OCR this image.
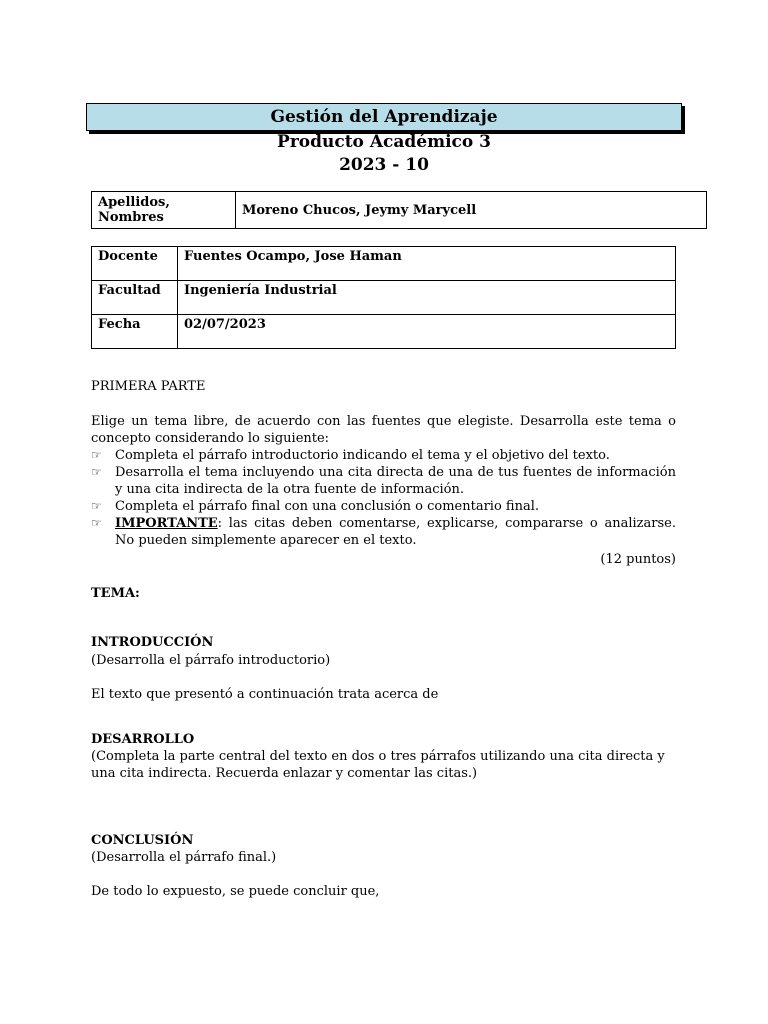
Gestión del Aprendizaje
Producto Académico 3
2023 - 10
Apellidos, Nombres	Moreno Chucos, Jeymy Marycell
Docente	Fuentes Ocampo, Jose Haman
Facultad	Ingeniería Industrial
Fecha	02/07/2023
PRIMERA PARTE
Elige un tema libre, de acuerdo con las fuentes que elegiste. Desarrolla este tema o concepto considerando lo siguiente:
☞ Completa el párrafo introductorio indicando el tema y el objetivo del texto.
☞ Desarrolla el tema incluyendo una cita directa de una de tus fuentes de información y una cita indirecta de la otra fuente de información.
☞ Completa el párrafo final con una conclusión o comentario final.
☞ IMPORTANTE: las citas deben comentarse, explicarse, compararse o analizarse. No pueden simplemente aparecer en el texto.
(12 puntos)
TEMA:
INTRODUCCIÓN
(Desarrolla el párrafo introductorio)
El texto que presentó a continuación trata acerca de
DESARROLLO
(Completa la parte central del texto en dos o tres párrafos utilizando una cita directa y una cita indirecta. Recuerda enlazar y comentar las citas.)
CONCLUSIÓN
(Desarrolla el párrafo final.)
De todo lo expuesto, se puede concluir que,
